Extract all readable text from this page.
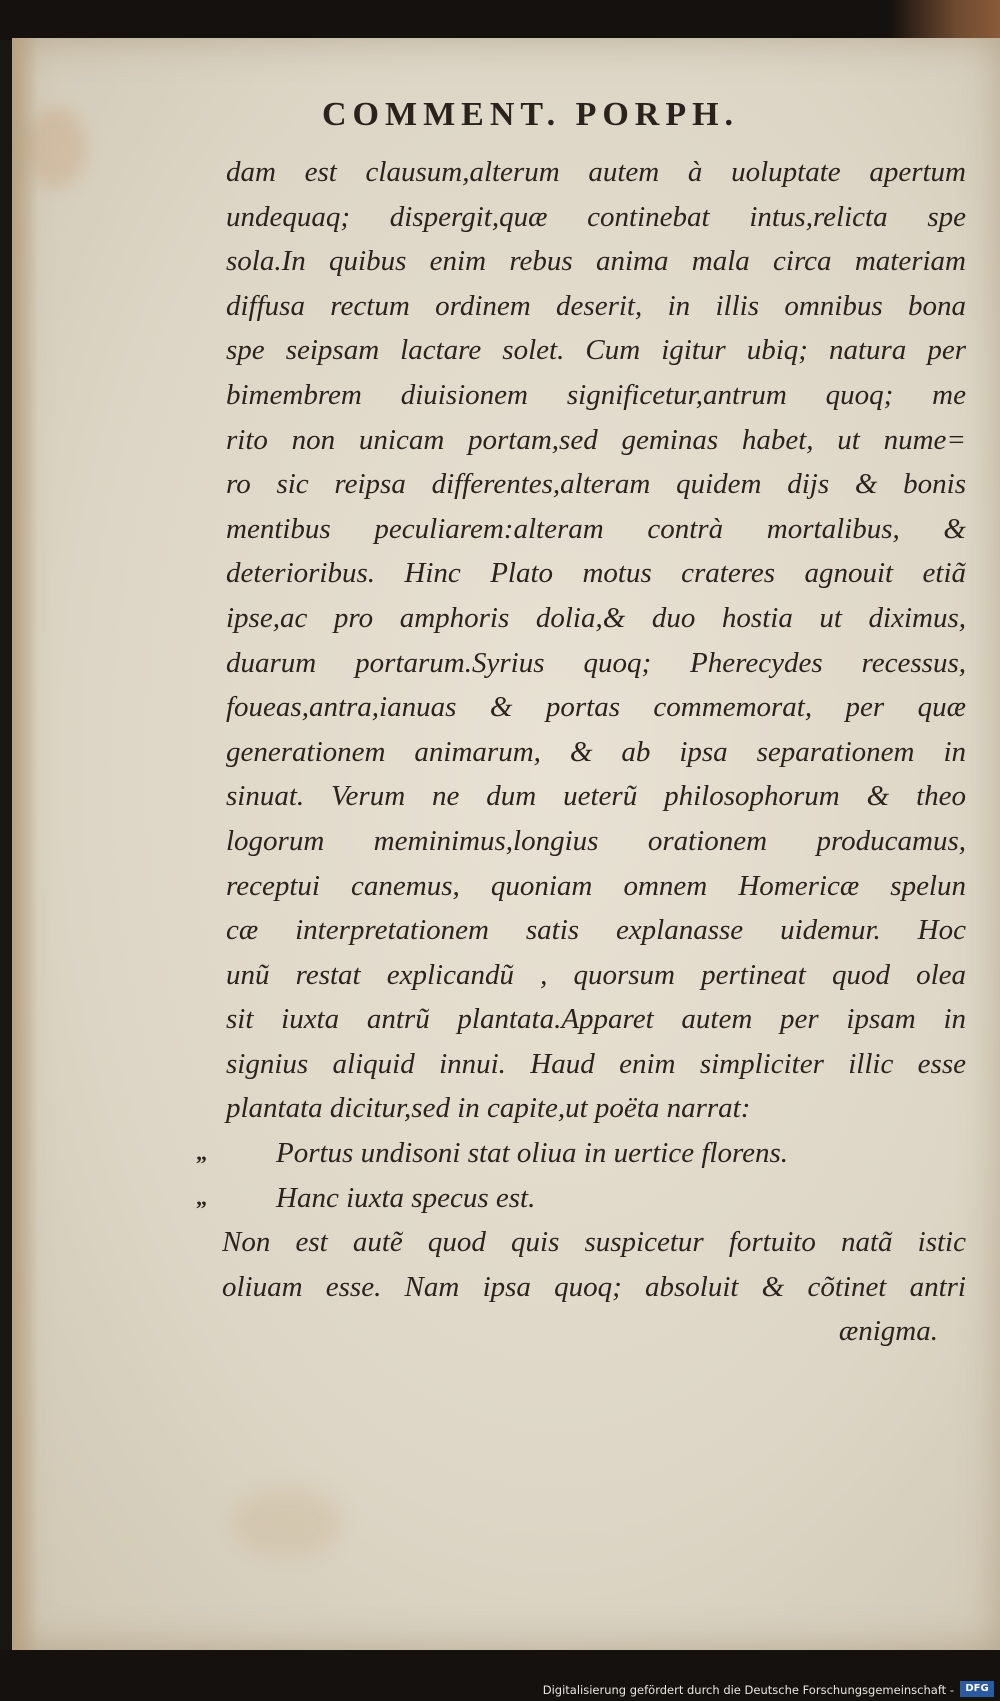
COMMENT. PORPH.
dam est clausum,alterum autem à uoluptate apertum
undequaq; dispergit,quæ continebat intus,relicta spe
sola.In quibus enim rebus anima mala circa materiam
diffusa rectum ordinem deserit, in illis omnibus bona
spe seipsam lactare solet. Cum igitur ubiq; natura per
bimembrem diuisionem significetur,antrum quoq; me
rito non unicam portam,sed geminas habet, ut nume=
ro sic reipsa differentes,alteram quidem dijs & bonis
mentibus peculiarem:alteram contrà mortalibus, &
deterioribus. Hinc Plato motus crateres agnouit etiã
ipse,ac pro amphoris dolia,& duo hostia ut diximus,
duarum portarum.Syrius quoq; Pherecydes recessus,
foueas,antra,ianuas & portas commemorat, per quæ
generationem animarum, & ab ipsa separationem in
sinuat. Verum ne dum ueterũ philosophorum & theo
logorum meminimus,longius orationem producamus,
receptui canemus, quoniam omnem Homericæ spelun
cæ interpretationem satis explanasse uidemur. Hoc
unũ restat explicandũ , quorsum pertineat quod olea
sit iuxta antrũ plantata.Apparet autem per ipsam in
signius aliquid innui. Haud enim simpliciter illic esse
plantata dicitur,sed in capite,ut poëta narrat:
„ Portus undisoni stat oliua in uertice florens.
„ Hanc iuxta specus est.
Non est autẽ quod quis suspicetur fortuito natã istic
oliuam esse. Nam ipsa quoq; absoluit & cõtinet antri
ænigma.
Digitalisierung gefördert durch die Deutsche Forschungsgemeinschaft -	DFG
